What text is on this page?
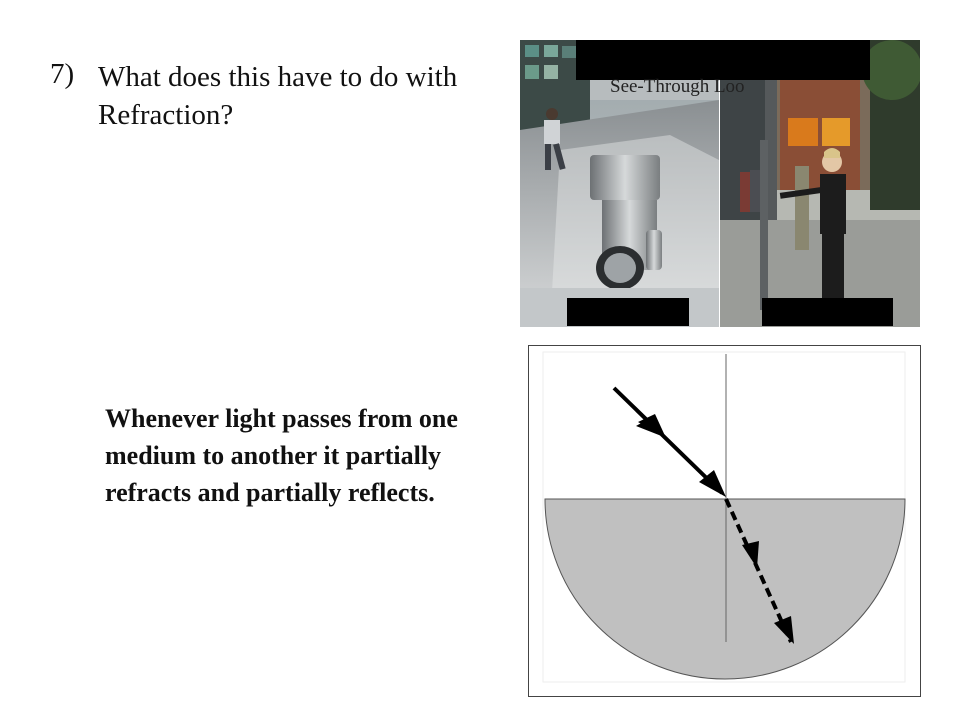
7) What does this have to do with Refraction?
Whenever light passes from one medium to another it partially refracts and partially reflects.
See-Through Loo
